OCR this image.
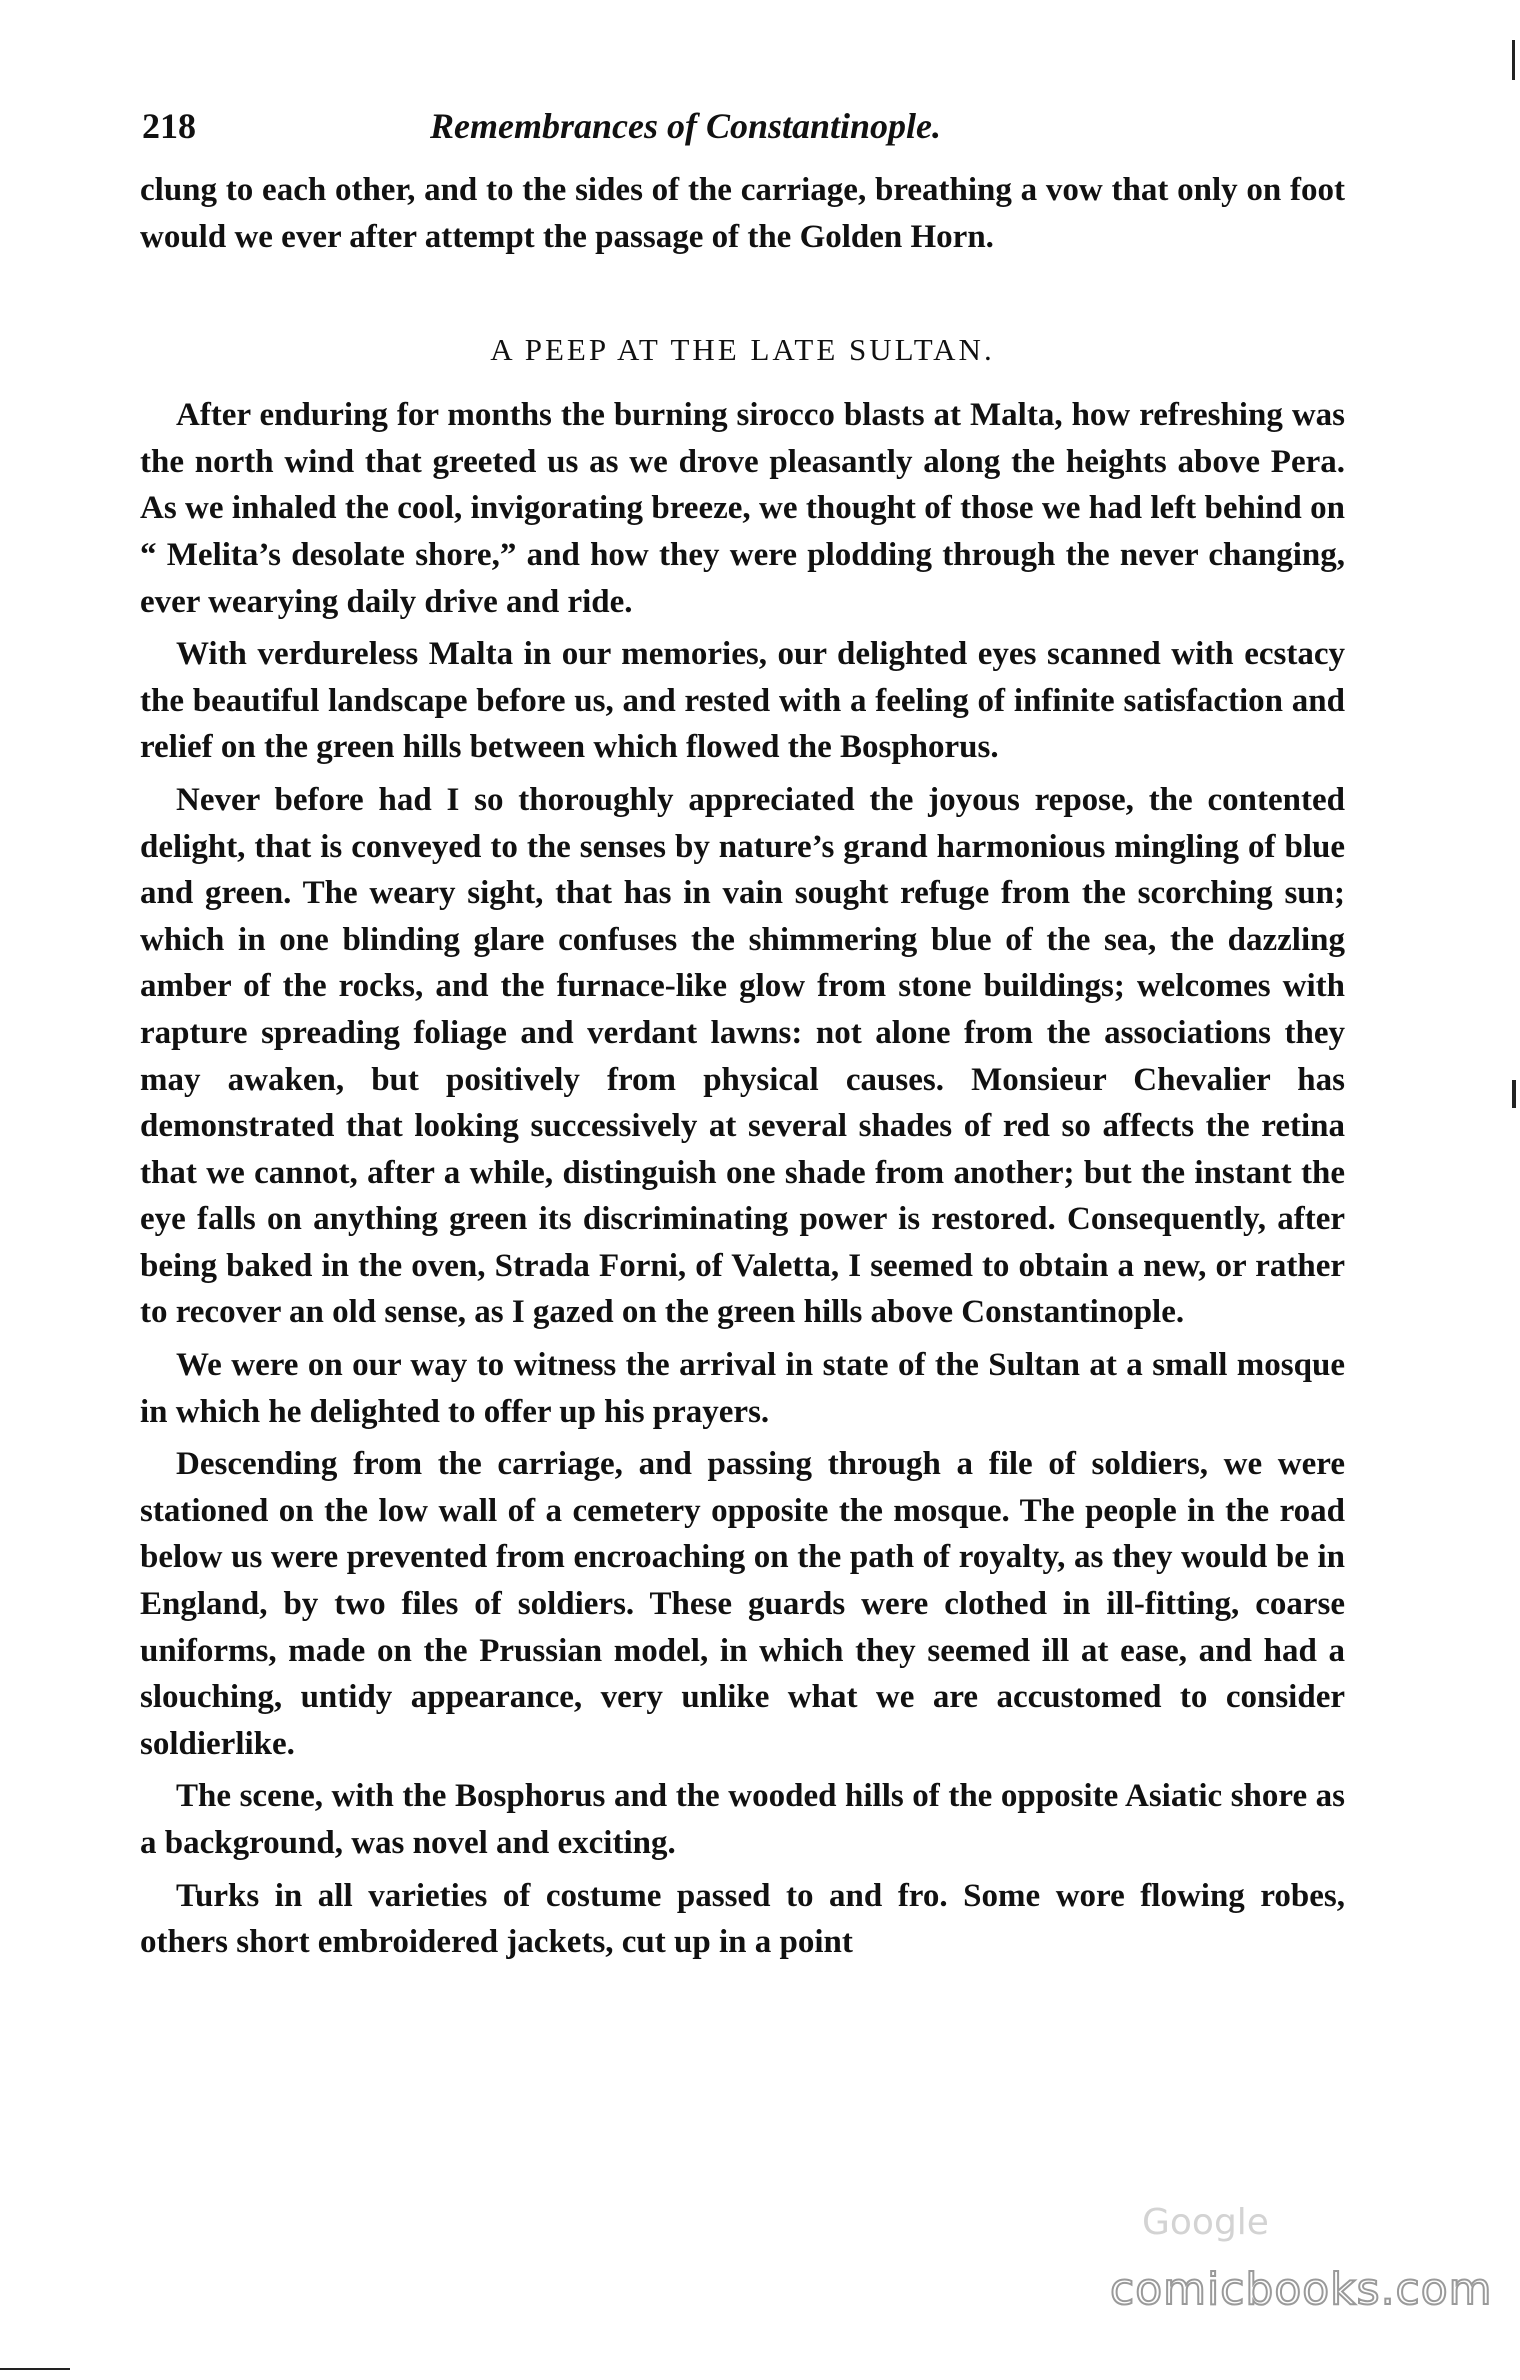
218	Remembrances of Constantinople.

clung to each other, and to the sides of the carriage, breathing a vow that only on foot would we ever after attempt the passage of the Golden Horn.

A PEEP AT THE LATE SULTAN.

After enduring for months the burning sirocco blasts at Malta, how refreshing was the north wind that greeted us as we drove pleasantly along the heights above Pera. As we inhaled the cool, invigorating breeze, we thought of those we had left behind on “ Melita’s desolate shore,” and how they were plodding through the never changing, ever wearying daily drive and ride.

With verdureless Malta in our memories, our delighted eyes scanned with ecstacy the beautiful landscape before us, and rested with a feeling of infinite satisfaction and relief on the green hills between which flowed the Bosphorus.

Never before had I so thoroughly appreciated the joyous repose, the contented delight, that is conveyed to the senses by nature’s grand harmonious mingling of blue and green. The weary sight, that has in vain sought refuge from the scorching sun; which in one blinding glare confuses the shimmering blue of the sea, the dazzling amber of the rocks, and the furnace-like glow from stone buildings; welcomes with rapture spreading foliage and verdant lawns: not alone from the associations they may awaken, but positively from physical causes. Monsieur Chevalier has demonstrated that looking successively at several shades of red so affects the retina that we cannot, after a while, distinguish one shade from another; but the instant the eye falls on anything green its discriminating power is restored. Consequently, after being baked in the oven, Strada Forni, of Valetta, I seemed to obtain a new, or rather to recover an old sense, as I gazed on the green hills above Constantinople.

We were on our way to witness the arrival in state of the Sultan at a small mosque in which he delighted to offer up his prayers.

Descending from the carriage, and passing through a file of soldiers, we were stationed on the low wall of a cemetery opposite the mosque. The people in the road below us were prevented from encroaching on the path of royalty, as they would be in England, by two files of soldiers. These guards were clothed in ill-fitting, coarse uniforms, made on the Prussian model, in which they seemed ill at ease, and had a slouching, untidy appearance, very unlike what we are accustomed to consider soldierlike.

The scene, with the Bosphorus and the wooded hills of the opposite Asiatic shore as a background, was novel and exciting.

Turks in all varieties of costume passed to and fro. Some wore flowing robes, others short embroidered jackets, cut up in a point

Google
comicbooks.com
